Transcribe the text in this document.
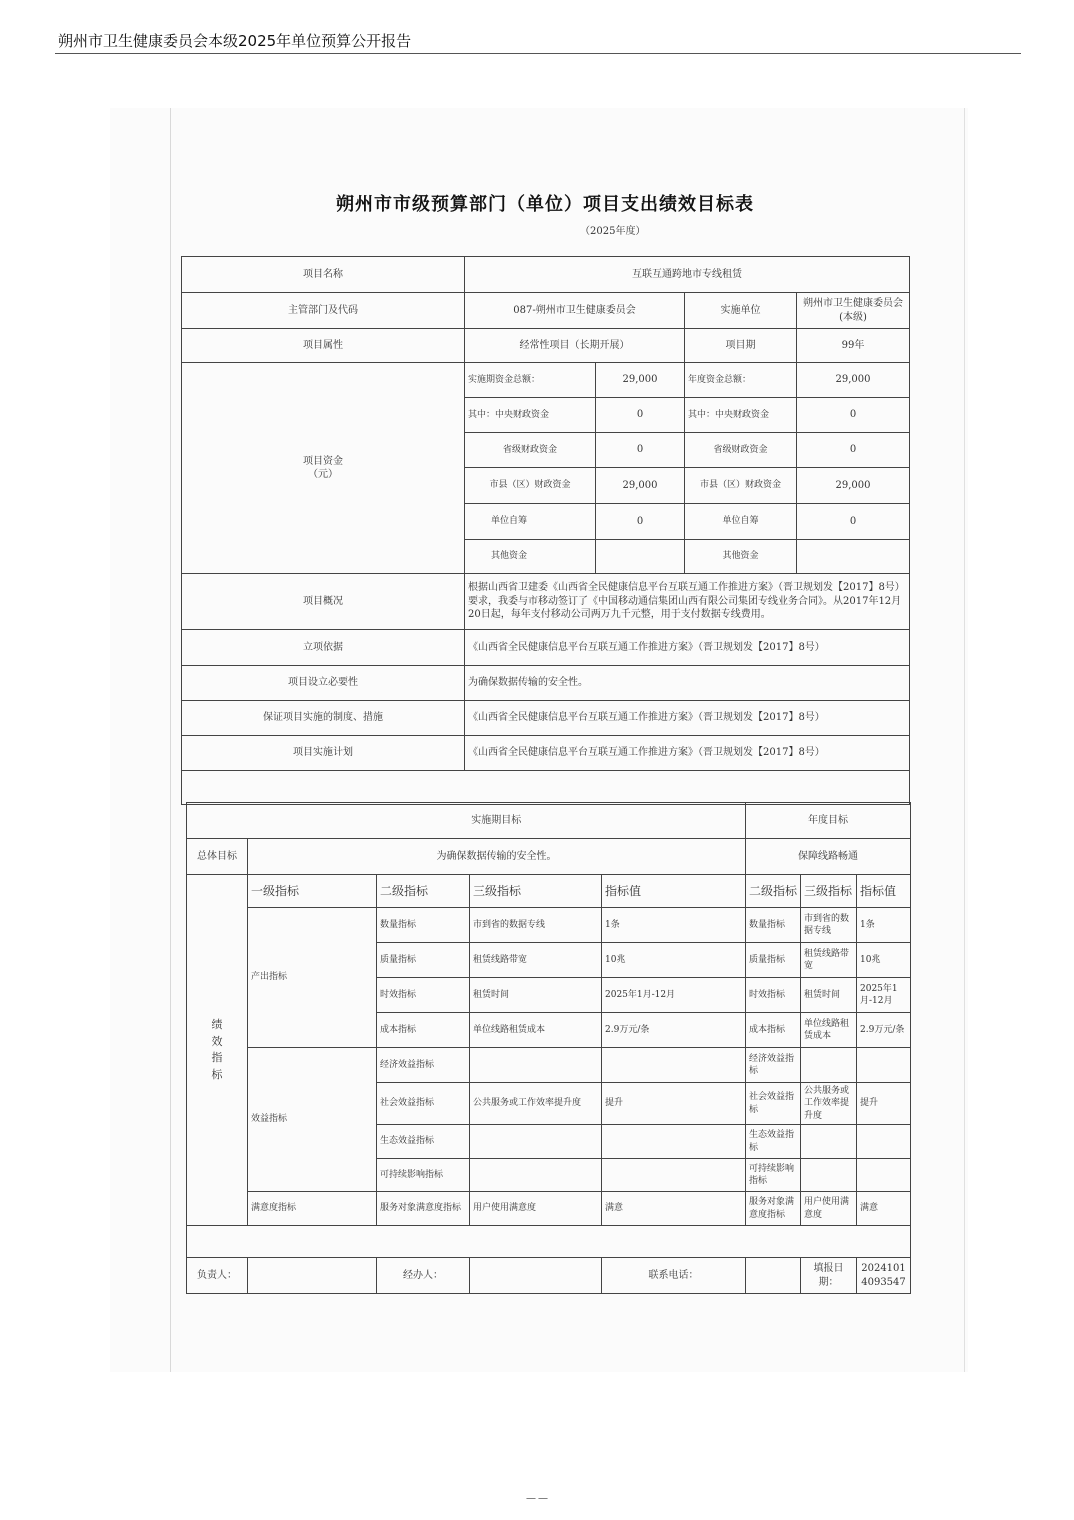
朔州市卫生健康委员会本级2025年单位预算公开报告
朔州市市级预算部门（单位）项目支出绩效目标表
（2025年度）
项目名称	互联互通跨地市专线租赁			
主管部门及代码	087-朔州市卫生健康委员会		实施单位	朔州市卫生健康委员会(本级)
项目属性	经常性项目（长期开展）		项目期	99年

项目资金
（元）	实施期资金总额：	29,000	年度资金总额：	29,000
	其中：中央财政资金	0	其中：中央财政资金	0
	省级财政资金	0	省级财政资金	0
	市县（区）财政资金	29,000	市县（区）财政资金	29,000
	单位自筹	0	单位自筹	0
	其他资金		其他资金	
项目概况	根据山西省卫建委《山西省全民健康信息平台互联互通工作推进方案》（晋卫规划发【2017】8号）要求，我委与市移动签订了《中国移动通信集团山西有限公司集团专线业务合同》。从2017年12月20日起，每年支付移动公司两万九千元整，用于支付数据专线费用。			
立项依据	《山西省全民健康信息平台互联互通工作推进方案》（晋卫规划发【2017】8号）			
项目设立必要性	为确保数据传输的安全性。			
保证项目实施的制度、措施	《山西省全民健康信息平台互联互通工作推进方案》（晋卫规划发【2017】8号）			
项目实施计划	《山西省全民健康信息平台互联互通工作推进方案》（晋卫规划发【2017】8号）			

	实施期目标				年度目标		
总体目标	为确保数据传输的安全性。				保障线路畅通		
绩效指标	一级指标	二级指标	三级指标	指标值	二级指标	三级指标	指标值
	产出指标	数量指标	市到省的数据专线	1条	数量指标	市到省的数据专线	1条
		质量指标	租赁线路带宽	10兆	质量指标	租赁线路带宽	10兆
		时效指标	租赁时间	2025年1月-12月	时效指标	租赁时间	2025年1月-12月
		成本指标	单位线路租赁成本	2.9万元/条	成本指标	单位线路租赁成本	2.9万元/条
	效益指标	经济效益指标			经济效益指标		
		社会效益指标	公共服务或工作效率提升度	提升	社会效益指标	公共服务或工作效率提升度	提升
		生态效益指标			生态效益指标		
		可持续影响指标			可持续影响指标		
	满意度指标	服务对象满意度指标	用户使用满意度	满意	服务对象满意度指标	用户使用满意度	满意

负责人：		经办人：		联系电话：		填报日期：	20241014093547
－－
